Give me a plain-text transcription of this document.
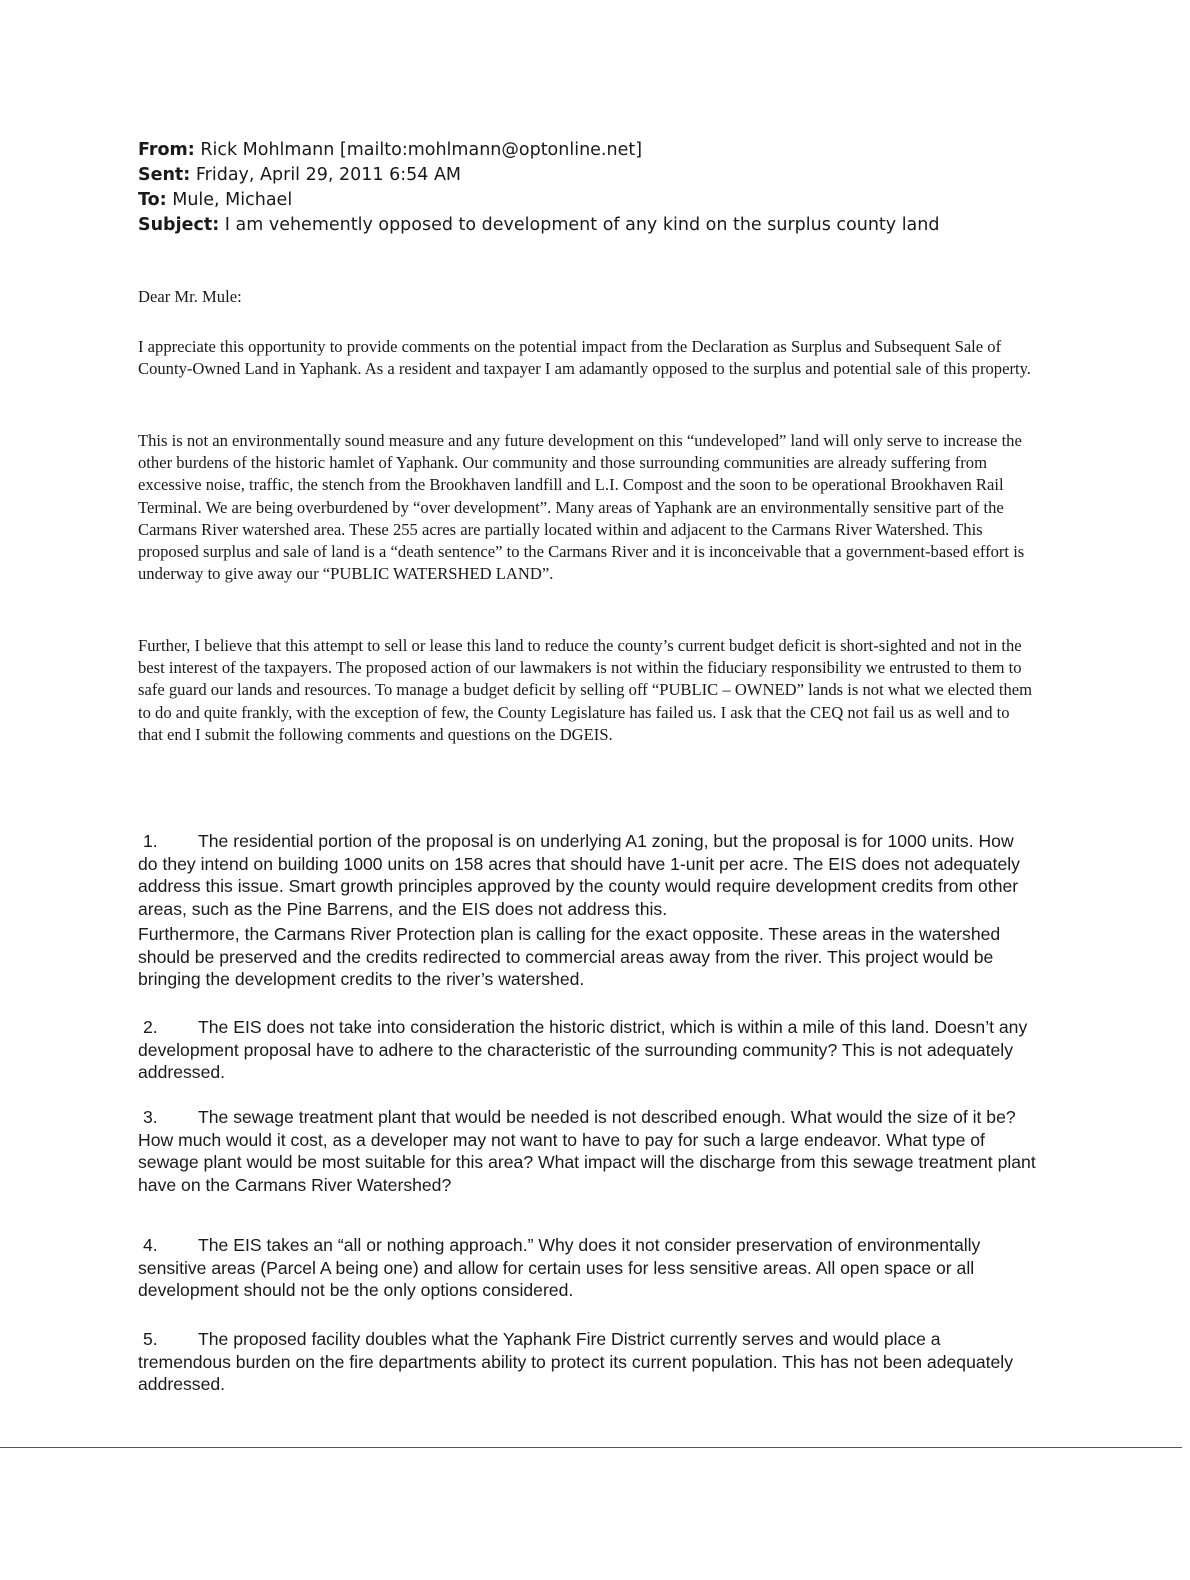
From: Rick Mohlmann [mailto:mohlmann@optonline.net]
Sent: Friday, April 29, 2011 6:54 AM
To: Mule, Michael
Subject: I am vehemently opposed to development of any kind on the surplus county land

Dear Mr. Mule:

I appreciate this opportunity to provide comments on the potential impact from the Declaration as Surplus and Subsequent Sale of County-Owned Land in Yaphank. As a resident and taxpayer I am adamantly opposed to the surplus and potential sale of this property.

This is not an environmentally sound measure and any future development on this “undeveloped” land will only serve to increase the other burdens of the historic hamlet of Yaphank. Our community and those surrounding communities are already suffering from excessive noise, traffic, the stench from the Brookhaven landfill and L.I. Compost and the soon to be operational Brookhaven Rail Terminal. We are being overburdened by “over development”. Many areas of Yaphank are an environmentally sensitive part of the Carmans River watershed area. These 255 acres are partially located within and adjacent to the Carmans River Watershed. This proposed surplus and sale of land is a “death sentence” to the Carmans River and it is inconceivable that a government-based effort is underway to give away our “PUBLIC WATERSHED LAND”.

Further, I believe that this attempt to sell or lease this land to reduce the county’s current budget deficit is short-sighted and not in the best interest of the taxpayers. The proposed action of our lawmakers is not within the fiduciary responsibility we entrusted to them to safe guard our lands and resources. To manage a budget deficit by selling off “PUBLIC – OWNED” lands is not what we elected them to do and quite frankly, with the exception of few, the County Legislature has failed us. I ask that the CEQ not fail us as well and to that end I submit the following comments and questions on the DGEIS.

1. The residential portion of the proposal is on underlying A1 zoning, but the proposal is for 1000 units. How do they intend on building 1000 units on 158 acres that should have 1-unit per acre. The EIS does not adequately address this issue. Smart growth principles approved by the county would require development credits from other areas, such as the Pine Barrens, and the EIS does not address this.

Furthermore, the Carmans River Protection plan is calling for the exact opposite. These areas in the watershed should be preserved and the credits redirected to commercial areas away from the river. This project would be bringing the development credits to the river’s watershed.

2. The EIS does not take into consideration the historic district, which is within a mile of this land. Doesn’t any development proposal have to adhere to the characteristic of the surrounding community? This is not adequately addressed.

3. The sewage treatment plant that would be needed is not described enough. What would the size of it be? How much would it cost, as a developer may not want to have to pay for such a large endeavor. What type of sewage plant would be most suitable for this area? What impact will the discharge from this sewage treatment plant have on the Carmans River Watershed?

4. The EIS takes an “all or nothing approach.” Why does it not consider preservation of environmentally sensitive areas (Parcel A being one) and allow for certain uses for less sensitive areas. All open space or all development should not be the only options considered.

5. The proposed facility doubles what the Yaphank Fire District currently serves and would place a tremendous burden on the fire departments ability to protect its current population. This has not been adequately addressed.
